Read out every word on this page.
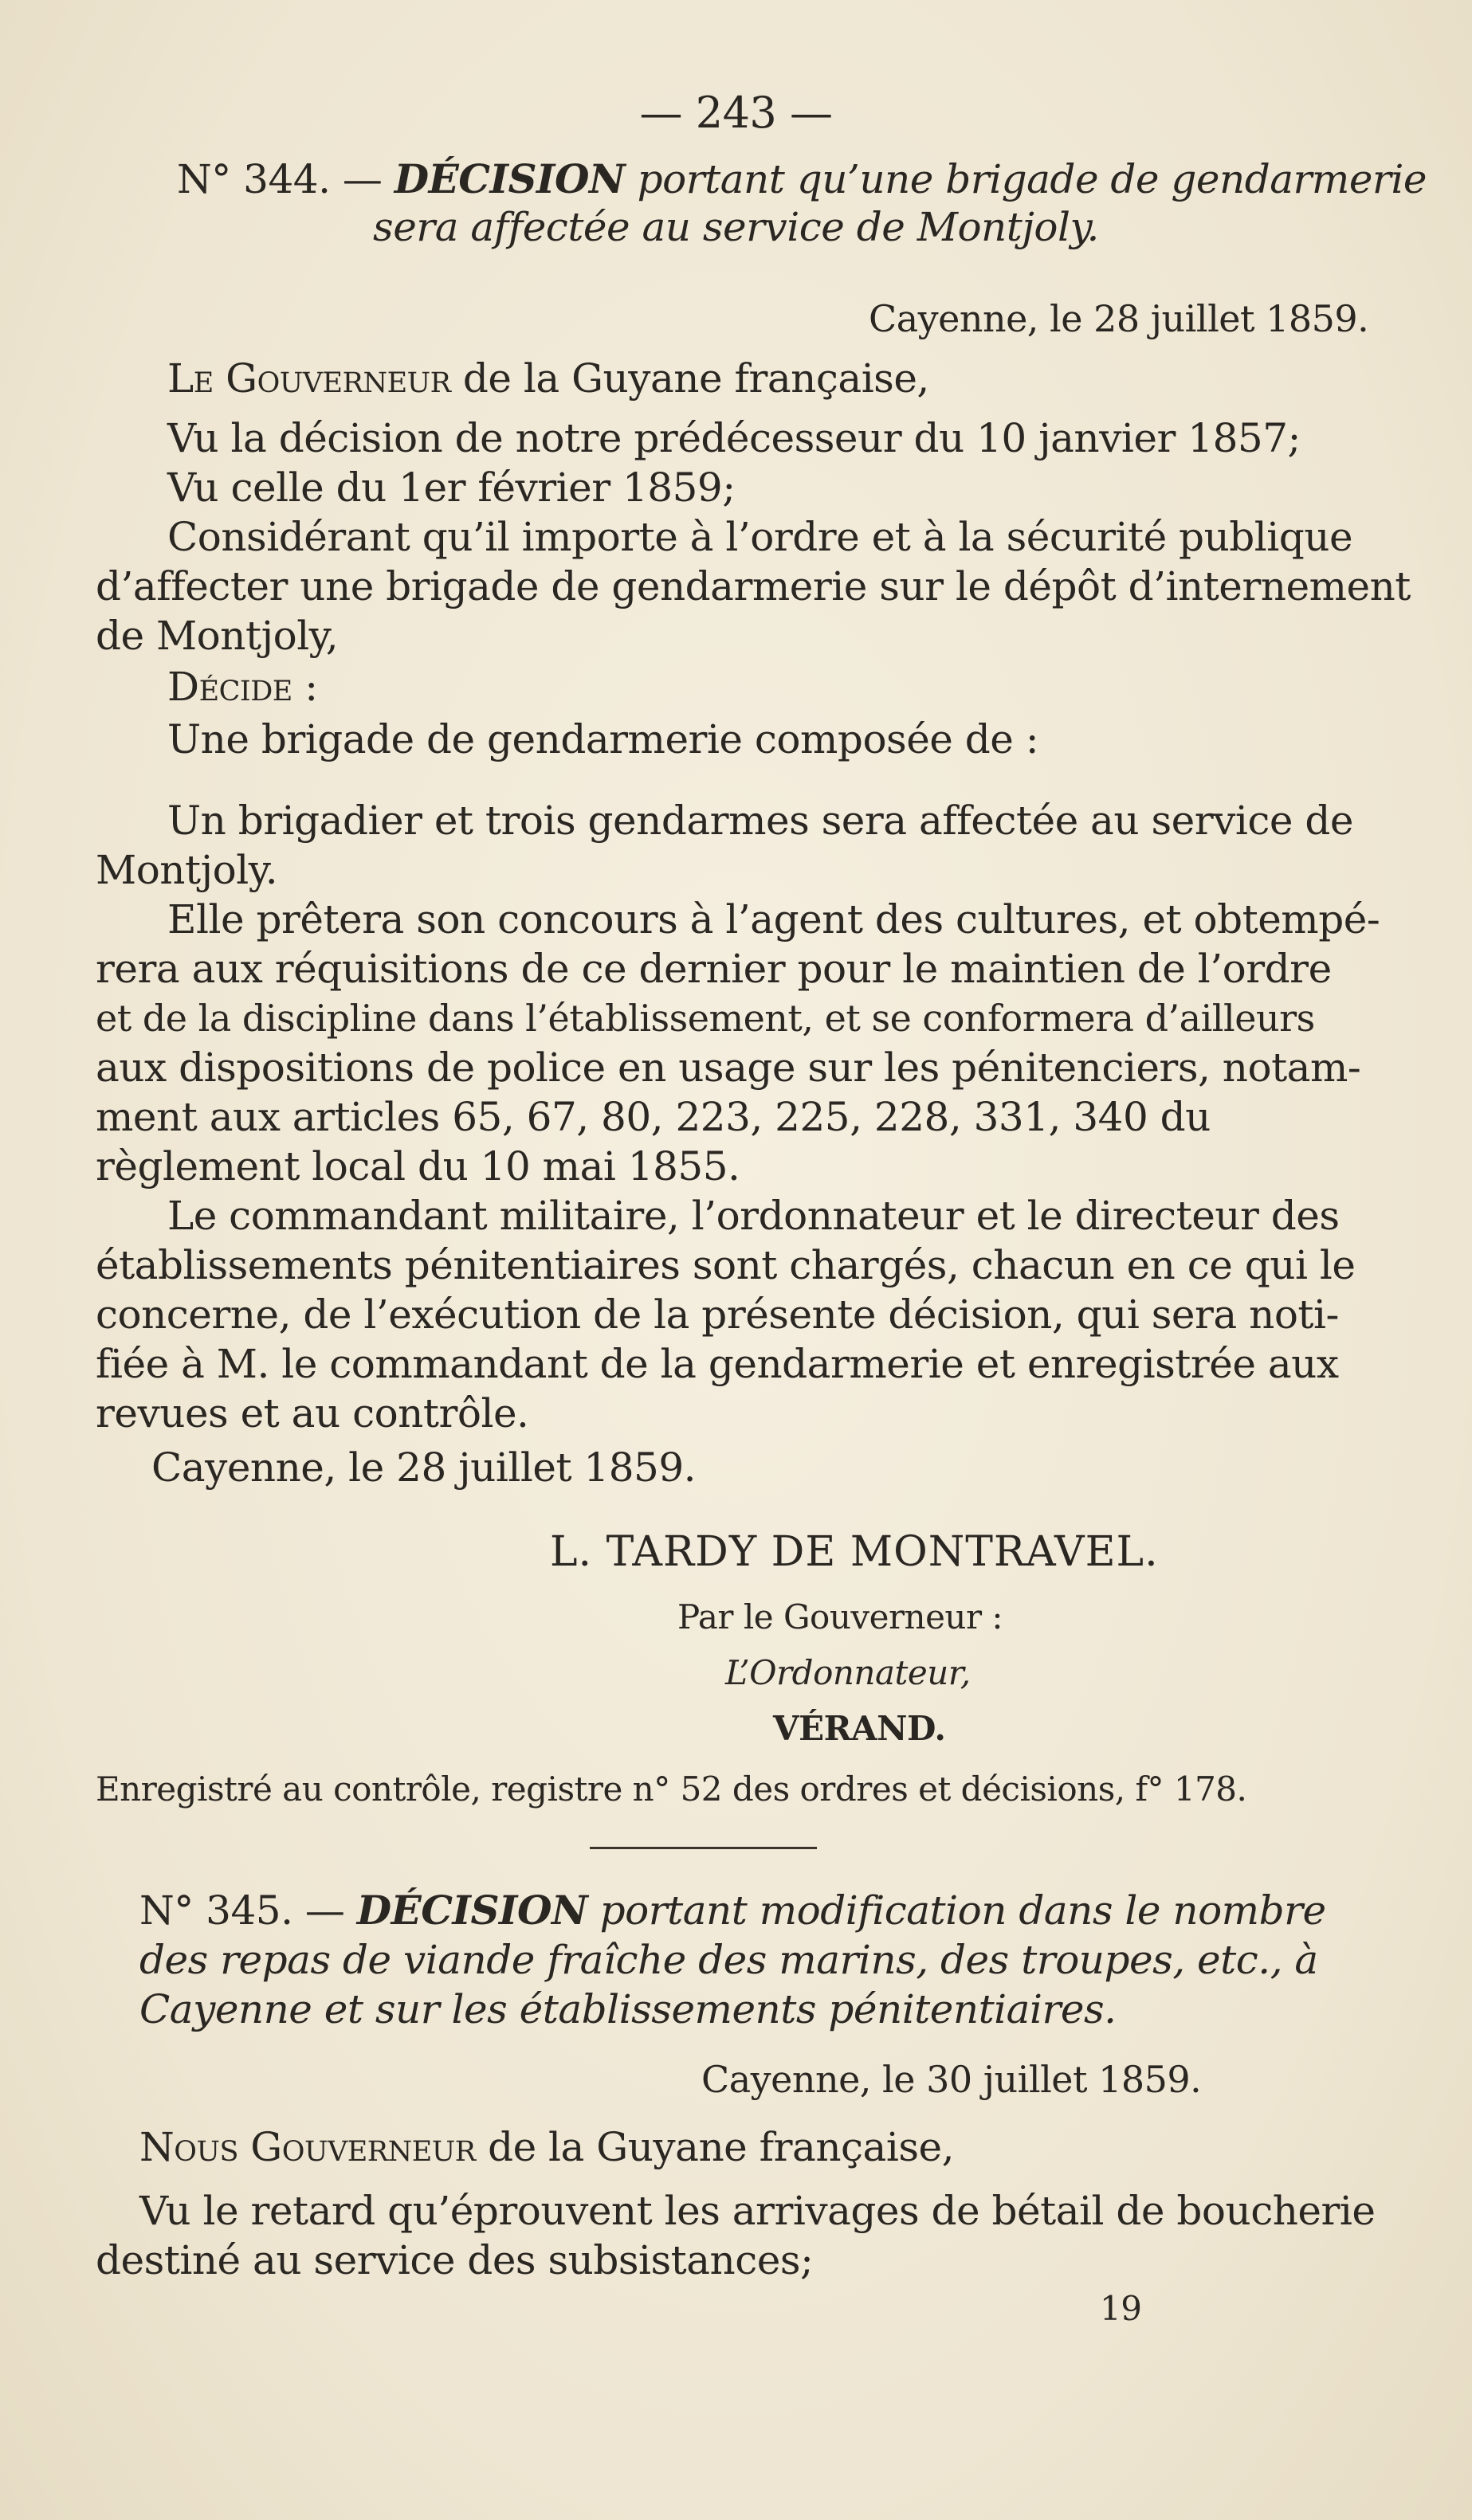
— 243 —
N° 344. — DÉCISION portant qu’une brigade de gendarmerie
sera affectée au service de Montjoly.
Cayenne, le 28 juillet 1859.
Le Gouverneur de la Guyane française,
Vu la décision de notre prédécesseur du 10 janvier 1857;
Vu celle du 1er février 1859;
Considérant qu’il importe à l’ordre et à la sécurité publique
d’affecter une brigade de gendarmerie sur le dépôt d’internement
de Montjoly,
Décide :
Une brigade de gendarmerie composée de :
Un brigadier et trois gendarmes sera affectée au service de
Montjoly.
Elle prêtera son concours à l’agent des cultures, et obtempé-
rera aux réquisitions de ce dernier pour le maintien de l’ordre
et de la discipline dans l’établissement, et se conformera d’ailleurs
aux dispositions de police en usage sur les pénitenciers, notam-
ment aux articles 65, 67, 80, 223, 225, 228, 331, 340 du
règlement local du 10 mai 1855.
Le commandant militaire, l’ordonnateur et le directeur des
établissements pénitentiaires sont chargés, chacun en ce qui le
concerne, de l’exécution de la présente décision, qui sera noti-
fiée à M. le commandant de la gendarmerie et enregistrée aux
revues et au contrôle.
Cayenne, le 28 juillet 1859.
L. TARDY DE MONTRAVEL.
Par le Gouverneur :
L’Ordonnateur,
VÉRAND.
Enregistré au contrôle, registre n° 52 des ordres et décisions, f° 178.
N° 345. — DÉCISION portant modification dans le nombre
des repas de viande fraîche des marins, des troupes, etc., à
Cayenne et sur les établissements pénitentiaires.
Cayenne, le 30 juillet 1859.
Nous Gouverneur de la Guyane française,
Vu le retard qu’éprouvent les arrivages de bétail de boucherie
destiné au service des subsistances;
19
